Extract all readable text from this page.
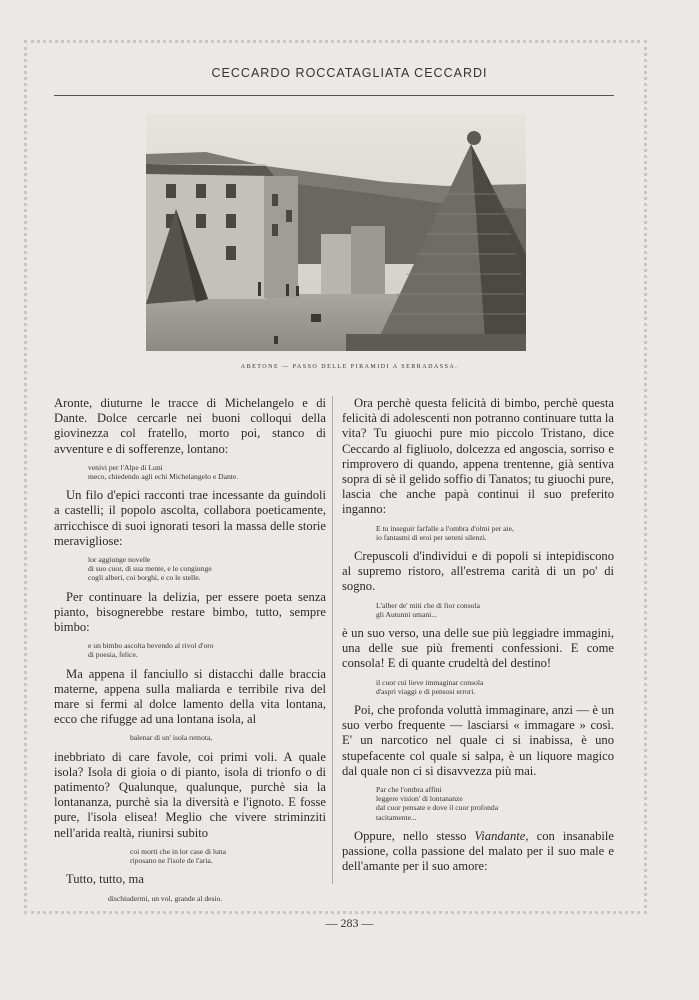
CECCARDO ROCCATAGLIATA CECCARDI
ABETONE — PASSO DELLE PIRAMIDI A SERRADASSA.

Aronte, diuturne le tracce di Michelangelo e di Dante. Dolce cercarle nei buoni colloqui della giovinezza col fratello, morto poi, stanco di avventure e di sofferenze, lontano:

venivi per l'Alpe di Luni
meco, chiedendo agli echi Michelangelo e Dante.

Un filo d'epici racconti trae incessante da guindoli a castelli; il popolo ascolta, collabora poeticamente, arricchisce di suoi ignorati tesori la massa delle storie meravigliose:

lor aggiunge novelle
di suo cuor, di sua mente, e le congiunge
cogli alberi, coi borghi, e co le stelle.

Per continuare la delizia, per essere poeta senza pianto, bisognerebbe restare bimbo, tutto, sempre bimbo:

e un bimbo ascolta bevendo al rivol d'oro
di poesia, felice.

Ma appena il fanciullo si distacchi dalle braccia materne, appena sulla maliarda e terribile riva del mare si fermi al dolce lamento della vita lontana, ecco che rifugge ad una lontana isola, al

balenar di un' isola remota,

inebbriato di care favole, coi primi voli. A quale isola? Isola di gioia o di pianto, isola di trionfo o di patimento? Qualunque, qualunque, purchè sia la lontananza, purchè sia la diversità e l'ignoto. E fosse pure, l'isola elisea! Meglio che vivere striminziti nell'arida realtà, riunirsi subito

coi morti che in lor case di luna
riposano ne l'isole de l'aria.

Tutto, tutto, ma

dischiudermi, un vol, grande al desio.

Ora perchè questa felicità di bimbo, perchè questa felicità di adolescenti non potranno continuare tutta la vita? Tu giuochi pure mio piccolo Tristano, dice Ceccardo al figliuolo, dolcezza ed angoscia, sorriso e rimprovero di quando, appena trentenne, già sentiva sopra di sè il gelido soffio di Tanatos; tu giuochi pure, lascia che anche papà continui il suo preferito inganno:

E tu inseguir farfalle a l'ombra d'olmi per aie,
io fantasmi di eroi per sereni silenzi.

Crepuscoli d'individui e di popoli si intepidiscono al supremo ristoro, all'estrema carità di un po' di sogno.

L'alber de' miti che di fior consola
gli Autunni umani...

è un suo verso, una delle sue più leggiadre immagini, una delle sue più frementi confessioni. E come consola! E di quante crudeltà del destino!

il cuor cui lieve immaginar consola
d'aspri viaggi e di pensosi errori.

Poi, che profonda voluttà immaginare, anzi — è un suo verbo frequente — lasciarsi « immagare » così. E' un narcotico nel quale ci si inabissa, è uno stupefacente col quale si salpa, è un liquore magico dal quale non ci si disavvezza più mai.

Par che l'ombra affini
leggere vision' di lontananze
dal cuor pensate e dove il cuor profonda
tacitamente...

Oppure, nello stesso Viandante, con insanabile passione, colla passione del malato per il suo male e dell'amante per il suo amore:

— 283 —
